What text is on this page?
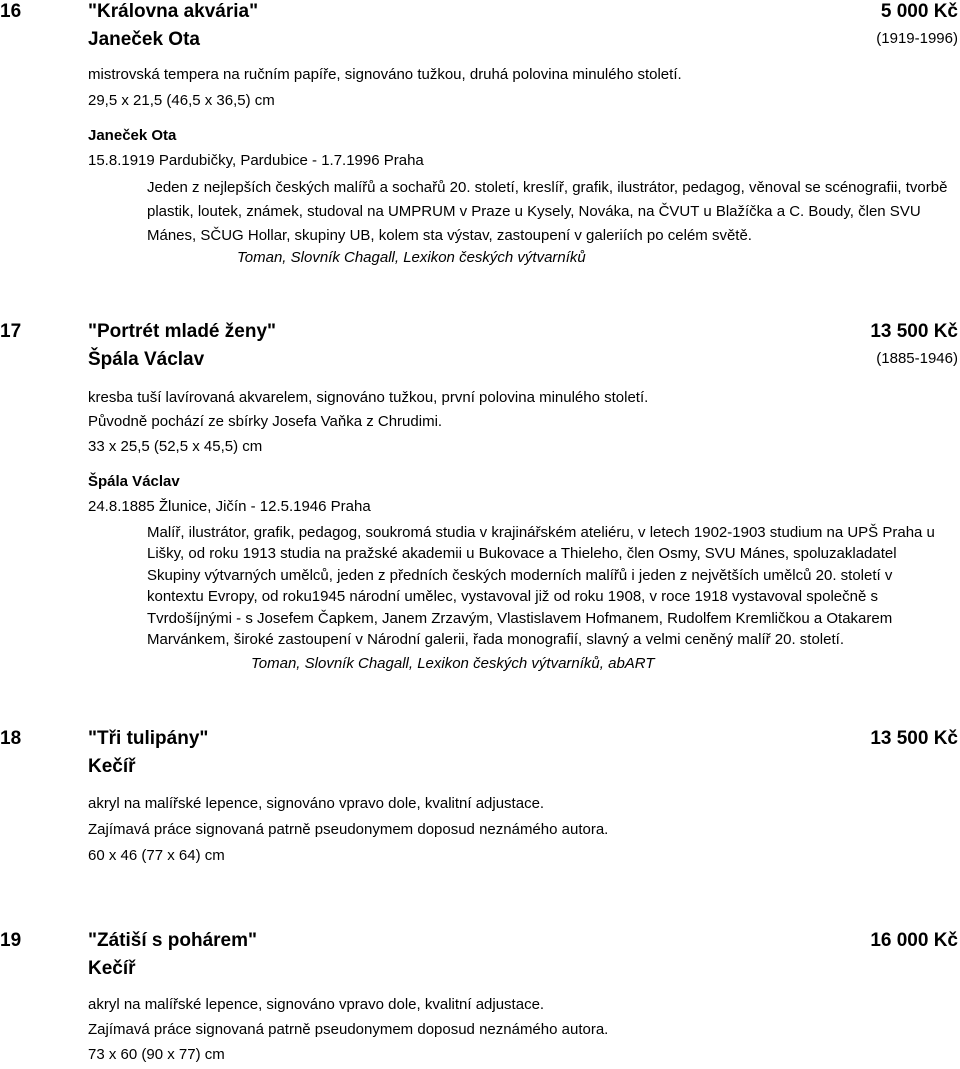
16	"Královna akvária"	5 000 Kč
Janeček Ota	(1919-1996)
mistrovská tempera na ručním papíře, signováno tužkou, druhá polovina minulého století.
29,5 x 21,5 (46,5 x 36,5) cm
Janeček Ota
15.8.1919 Pardubičky, Pardubice - 1.7.1996 Praha
Jeden z nejlepších českých malířů a sochařů 20. století, kreslíř, grafik, ilustrátor, pedagog, věnoval se scénografii, tvorbě
plastik, loutek, známek, studoval na UMPRUM v Praze u Kysely, Nováka, na ČVUT u Blažíčka a C. Boudy, člen SVU
Mánes, SČUG Hollar, skupiny UB, kolem sta výstav, zastoupení v galeriích po celém světě.
Toman, Slovník Chagall, Lexikon českých výtvarníků
17	"Portrét mladé ženy"	13 500 Kč
Špála Václav	(1885-1946)
kresba tuší lavírovaná akvarelem, signováno tužkou, první polovina minulého století.
Původně pochází ze sbírky Josefa Vaňka z Chrudimi.
33 x 25,5 (52,5 x 45,5) cm
Špála Václav
24.8.1885 Žlunice, Jičín - 12.5.1946 Praha
Malíř, ilustrátor, grafik, pedagog, soukromá studia v krajinářském ateliéru, v letech 1902-1903 studium na UPŠ Praha u
Lišky, od roku 1913 studia na pražské akademii u Bukovace a Thieleho, člen Osmy, SVU Mánes, spoluzakladatel
Skupiny výtvarných umělců, jeden z předních českých moderních malířů i jeden z největších umělců 20. století v
kontextu Evropy, od roku1945 národní umělec, vystavoval již od roku 1908, v roce 1918 vystavoval společně s
Tvrdošíjnými - s Josefem Čapkem, Janem Zrzavým, Vlastislavem Hofmanem, Rudolfem Kremličkou a Otakarem
Marvánkem, široké zastoupení v Národní galerii, řada monografií, slavný a velmi ceněný malíř 20. století.
Toman, Slovník Chagall, Lexikon českých výtvarníků, abART
18	"Tři tulipány"	13 500 Kč
Kečíř
akryl na malířské lepence, signováno vpravo dole, kvalitní adjustace.
Zajímavá práce signovaná patrně pseudonymem doposud neznámého autora.
60 x 46 (77 x 64) cm
19	"Zátiší s pohárem"	16 000 Kč
Kečíř
akryl na malířské lepence, signováno vpravo dole, kvalitní adjustace.
Zajímavá práce signovaná patrně pseudonymem doposud neznámého autora.
73 x 60 (90 x 77) cm
